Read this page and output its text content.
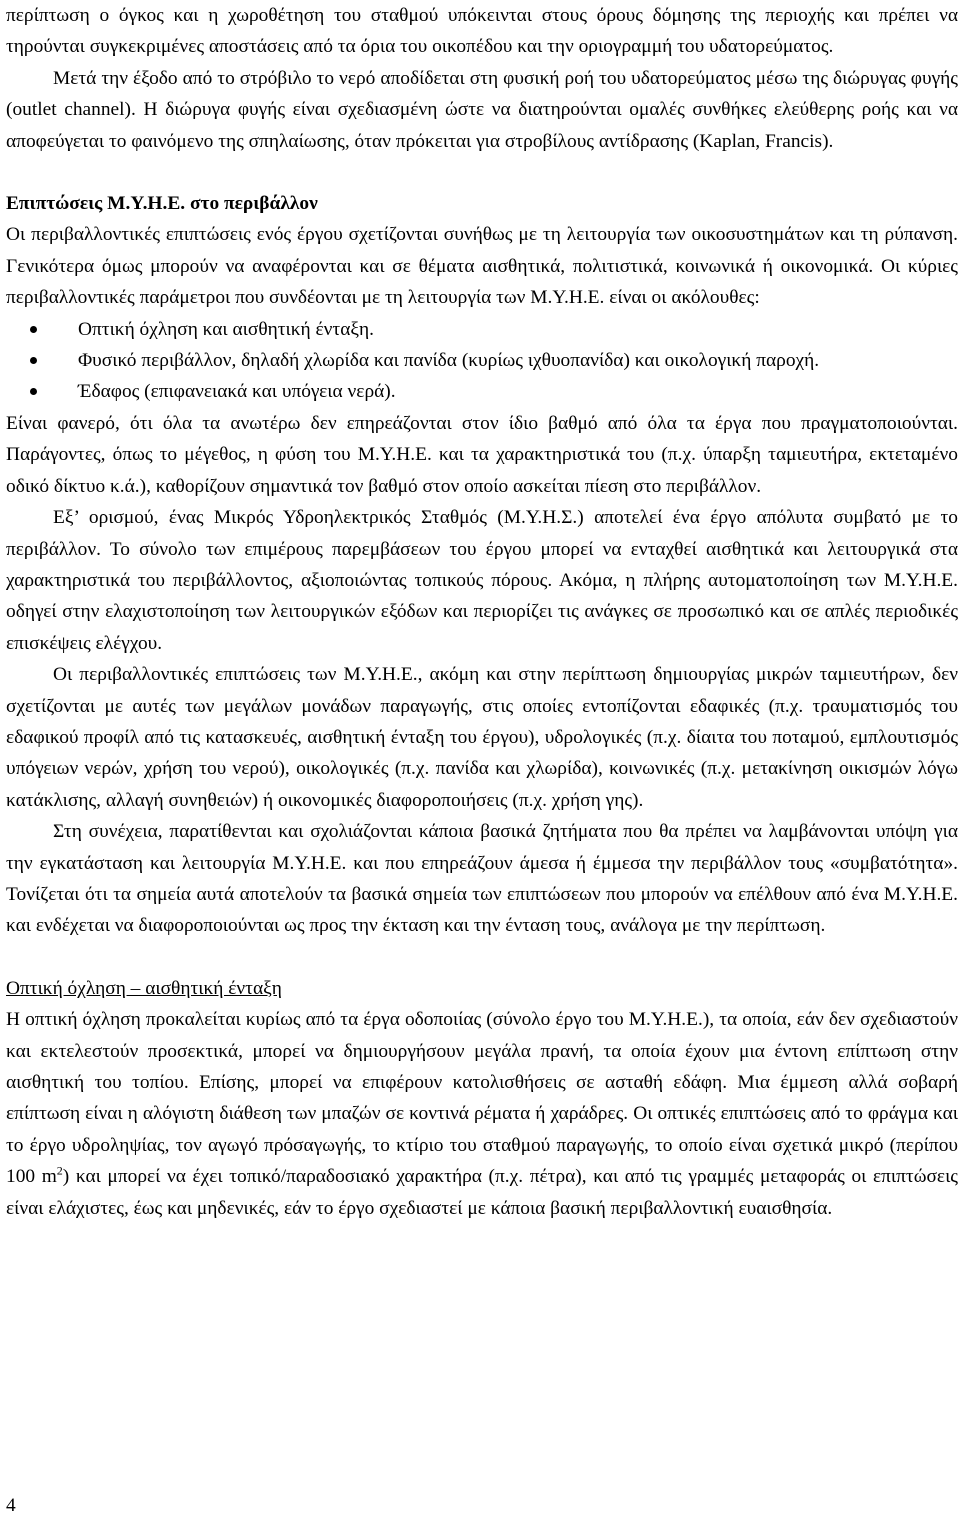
περίπτωση ο όγκος και η χωροθέτηση του σταθμού υπόκεινται στους όρους δόμησης της περιοχής και πρέπει να τηρούνται συγκεκριμένες αποστάσεις από τα όρια του οικοπέδου και την οριογραμμή του υδατορεύματος.

Μετά την έξοδο από το στρόβιλο το νερό αποδίδεται στη φυσική ροή του υδατορεύματος μέσω της διώρυγας φυγής (outlet channel). Η διώρυγα φυγής είναι σχεδιασμένη ώστε να διατηρούνται ομαλές συνθήκες ελεύθερης ροής και να αποφεύγεται το φαινόμενο της σπηλαίωσης, όταν πρόκειται για στροβίλους αντίδρασης (Kaplan, Francis).

Επιπτώσεις Μ.Υ.Η.Ε. στο περιβάλλον

Οι περιβαλλοντικές επιπτώσεις ενός έργου σχετίζονται συνήθως με τη λειτουργία των οικοσυστημάτων και τη ρύπανση. Γενικότερα όμως μπορούν να αναφέρονται και σε θέματα αισθητικά, πολιτιστικά, κοινωνικά ή οικονομικά. Οι κύριες περιβαλλοντικές παράμετροι που συνδέονται με τη λειτουργία των Μ.Υ.Η.Ε. είναι οι ακόλουθες:

Οπτική όχληση και αισθητική ένταξη.
Φυσικό περιβάλλον, δηλαδή χλωρίδα και πανίδα (κυρίως ιχθυοπανίδα) και οικολογική παροχή.
Έδαφος (επιφανειακά και υπόγεια νερά).

Είναι φανερό, ότι όλα τα ανωτέρω δεν επηρεάζονται στον ίδιο βαθμό από όλα τα έργα που πραγματοποιούνται. Παράγοντες, όπως το μέγεθος, η φύση του Μ.Υ.Η.Ε. και τα χαρακτηριστικά του (π.χ. ύπαρξη ταμιευτήρα, εκτεταμένο οδικό δίκτυο κ.ά.), καθορίζουν σημαντικά τον βαθμό στον οποίο ασκείται πίεση στο περιβάλλον.

Εξ’ ορισμού, ένας Μικρός Υδροηλεκτρικός Σταθμός (Μ.Υ.Η.Σ.) αποτελεί ένα έργο απόλυτα συμβατό με το περιβάλλον. Το σύνολο των επιμέρους παρεμβάσεων του έργου μπορεί να ενταχθεί αισθητικά και λειτουργικά στα χαρακτηριστικά του περιβάλλοντος, αξιοποιώντας τοπικούς πόρους. Ακόμα, η πλήρης αυτοματοποίηση των Μ.Υ.Η.Ε. οδηγεί στην ελαχιστοποίηση των λειτουργικών εξόδων και περιορίζει τις ανάγκες σε προσωπικό και σε απλές περιοδικές επισκέψεις ελέγχου.

Οι περιβαλλοντικές επιπτώσεις των Μ.Υ.Η.Ε., ακόμη και στην περίπτωση δημιουργίας μικρών ταμιευτήρων, δεν σχετίζονται με αυτές των μεγάλων μονάδων παραγωγής, στις οποίες εντοπίζονται εδαφικές (π.χ. τραυματισμός του εδαφικού προφίλ από τις κατασκευές, αισθητική ένταξη του έργου), υδρολογικές (π.χ. δίαιτα του ποταμού, εμπλουτισμός υπόγειων νερών, χρήση του νερού), οικολογικές (π.χ. πανίδα και χλωρίδα), κοινωνικές (π.χ. μετακίνηση οικισμών λόγω κατάκλισης, αλλαγή συνηθειών) ή οικονομικές διαφοροποιήσεις (π.χ. χρήση γης).

Στη συνέχεια, παρατίθενται και σχολιάζονται κάποια βασικά ζητήματα που θα πρέπει να λαμβάνονται υπόψη για την εγκατάσταση και λειτουργία Μ.Υ.Η.Ε. και που επηρεάζουν άμεσα ή έμμεσα την περιβάλλον τους «συμβατότητα». Τονίζεται ότι τα σημεία αυτά αποτελούν τα βασικά σημεία των επιπτώσεων που μπορούν να επέλθουν από ένα Μ.Υ.Η.Ε. και ενδέχεται να διαφοροποιούνται ως προς την έκταση και την ένταση τους, ανάλογα με την περίπτωση.

Οπτική όχληση – αισθητική ένταξη

Η οπτική όχληση προκαλείται κυρίως από τα έργα οδοποιίας (σύνολο έργο του Μ.Υ.Η.Ε.), τα οποία, εάν δεν σχεδιαστούν και εκτελεστούν προσεκτικά, μπορεί να δημιουργήσουν μεγάλα πρανή, τα οποία έχουν μια έντονη επίπτωση στην αισθητική του τοπίου. Επίσης, μπορεί να επιφέρουν κατολισθήσεις σε ασταθή εδάφη. Μια έμμεση αλλά σοβαρή επίπτωση είναι η αλόγιστη διάθεση των μπαζών σε κοντινά ρέματα ή χαράδρες. Οι οπτικές επιπτώσεις από το φράγμα και το έργο υδροληψίας, τον αγωγό πρόσαγωγής, το κτίριο του σταθμού παραγωγής, το οποίο είναι σχετικά μικρό (περίπου 100 $m^2$) και μπορεί να έχει τοπικό/παραδοσιακό χαρακτήρα (π.χ. πέτρα), και από τις γραμμές μεταφοράς οι επιπτώσεις είναι ελάχιστες, έως και μηδενικές, εάν το έργο σχεδιαστεί με κάποια βασική περιβαλλοντική ευαισθησία.

4
